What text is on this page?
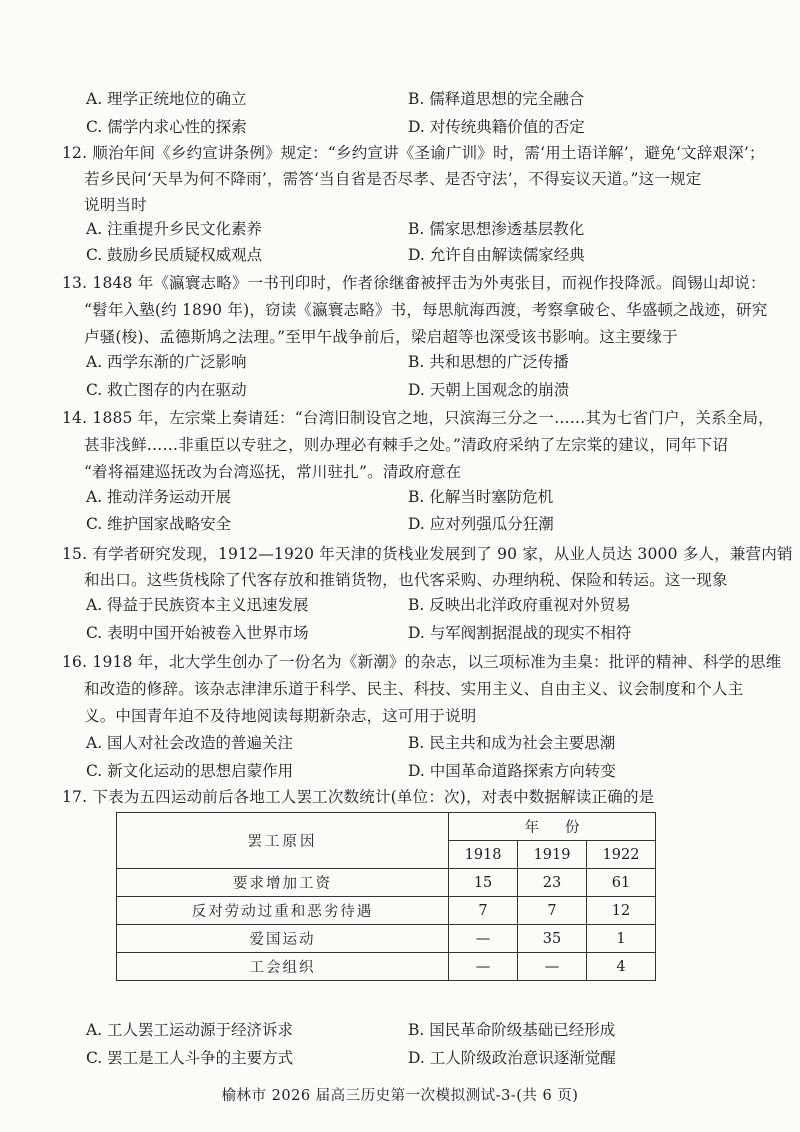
A. 理学正统地位的确立	B. 儒释道思想的完全融合
C. 儒学内求心性的探索	D. 对传统典籍价值的否定
12. 顺治年间《乡约宣讲条例》规定：“乡约宣讲《圣谕广训》时，需‘用土语详解’，避免‘文辞艰深’；
若乡民问‘天旱为何不降雨’，需答‘当自省是否尽孝、是否守法’，不得妄议天道。”这一规定
说明当时
A. 注重提升乡民文化素养	B. 儒家思想渗透基层教化
C. 鼓励乡民质疑权威观点	D. 允许自由解读儒家经典
13. 1848 年《瀛寰志略》一书刊印时，作者徐继畬被抨击为外夷张目，而视作投降派。阎锡山却说：
“髫年入塾(约 1890 年)，窃读《瀛寰志略》书，每思航海西渡，考察拿破仑、华盛顿之战迹，研究
卢骚(梭)、孟德斯鸠之法理。”至甲午战争前后，梁启超等也深受该书影响。这主要缘于
A. 西学东渐的广泛影响	B. 共和思想的广泛传播
C. 救亡图存的内在驱动	D. 天朝上国观念的崩溃
14. 1885 年，左宗棠上奏请廷：“台湾旧制设官之地，只滨海三分之一……其为七省门户，关系全局，
甚非浅鲜……非重臣以专驻之，则办理必有棘手之处。”清政府采纳了左宗棠的建议，同年下诏
“着将福建巡抚改为台湾巡抚，常川驻扎”。清政府意在
A. 推动洋务运动开展	B. 化解当时塞防危机
C. 维护国家战略安全	D. 应对列强瓜分狂潮
15. 有学者研究发现，1912—1920 年天津的货栈业发展到了 90 家，从业人员达 3000 多人，兼营内销
和出口。这些货栈除了代客存放和推销货物，也代客采购、办理纳税、保险和转运。这一现象
A. 得益于民族资本主义迅速发展	B. 反映出北洋政府重视对外贸易
C. 表明中国开始被卷入世界市场	D. 与军阀割据混战的现实不相符
16. 1918 年，北大学生创办了一份名为《新潮》的杂志，以三项标准为圭臬：批评的精神、科学的思维
和改造的修辞。该杂志津津乐道于科学、民主、科技、实用主义、自由主义、议会制度和个人主
义。中国青年迫不及待地阅读每期新杂志，这可用于说明
A. 国人对社会改造的普遍关注	B. 民主共和成为社会主要思潮
C. 新文化运动的思想启蒙作用	D. 中国革命道路探索方向转变
17. 下表为五四运动前后各地工人罢工次数统计(单位：次)，对表中数据解读正确的是
罢工原因	年份		
	1918	1919	1922
要求增加工资	15	23	61
反对劳动过重和恶劣待遇	7	7	12
爱国运动	—	35	1
工会组织	—	—	4
A. 工人罢工运动源于经济诉求	B. 国民革命阶级基础已经形成
C. 罢工是工人斗争的主要方式	D. 工人阶级政治意识逐渐觉醒
榆林市 2026 届高三历史第一次模拟测试-3-(共 6 页)
